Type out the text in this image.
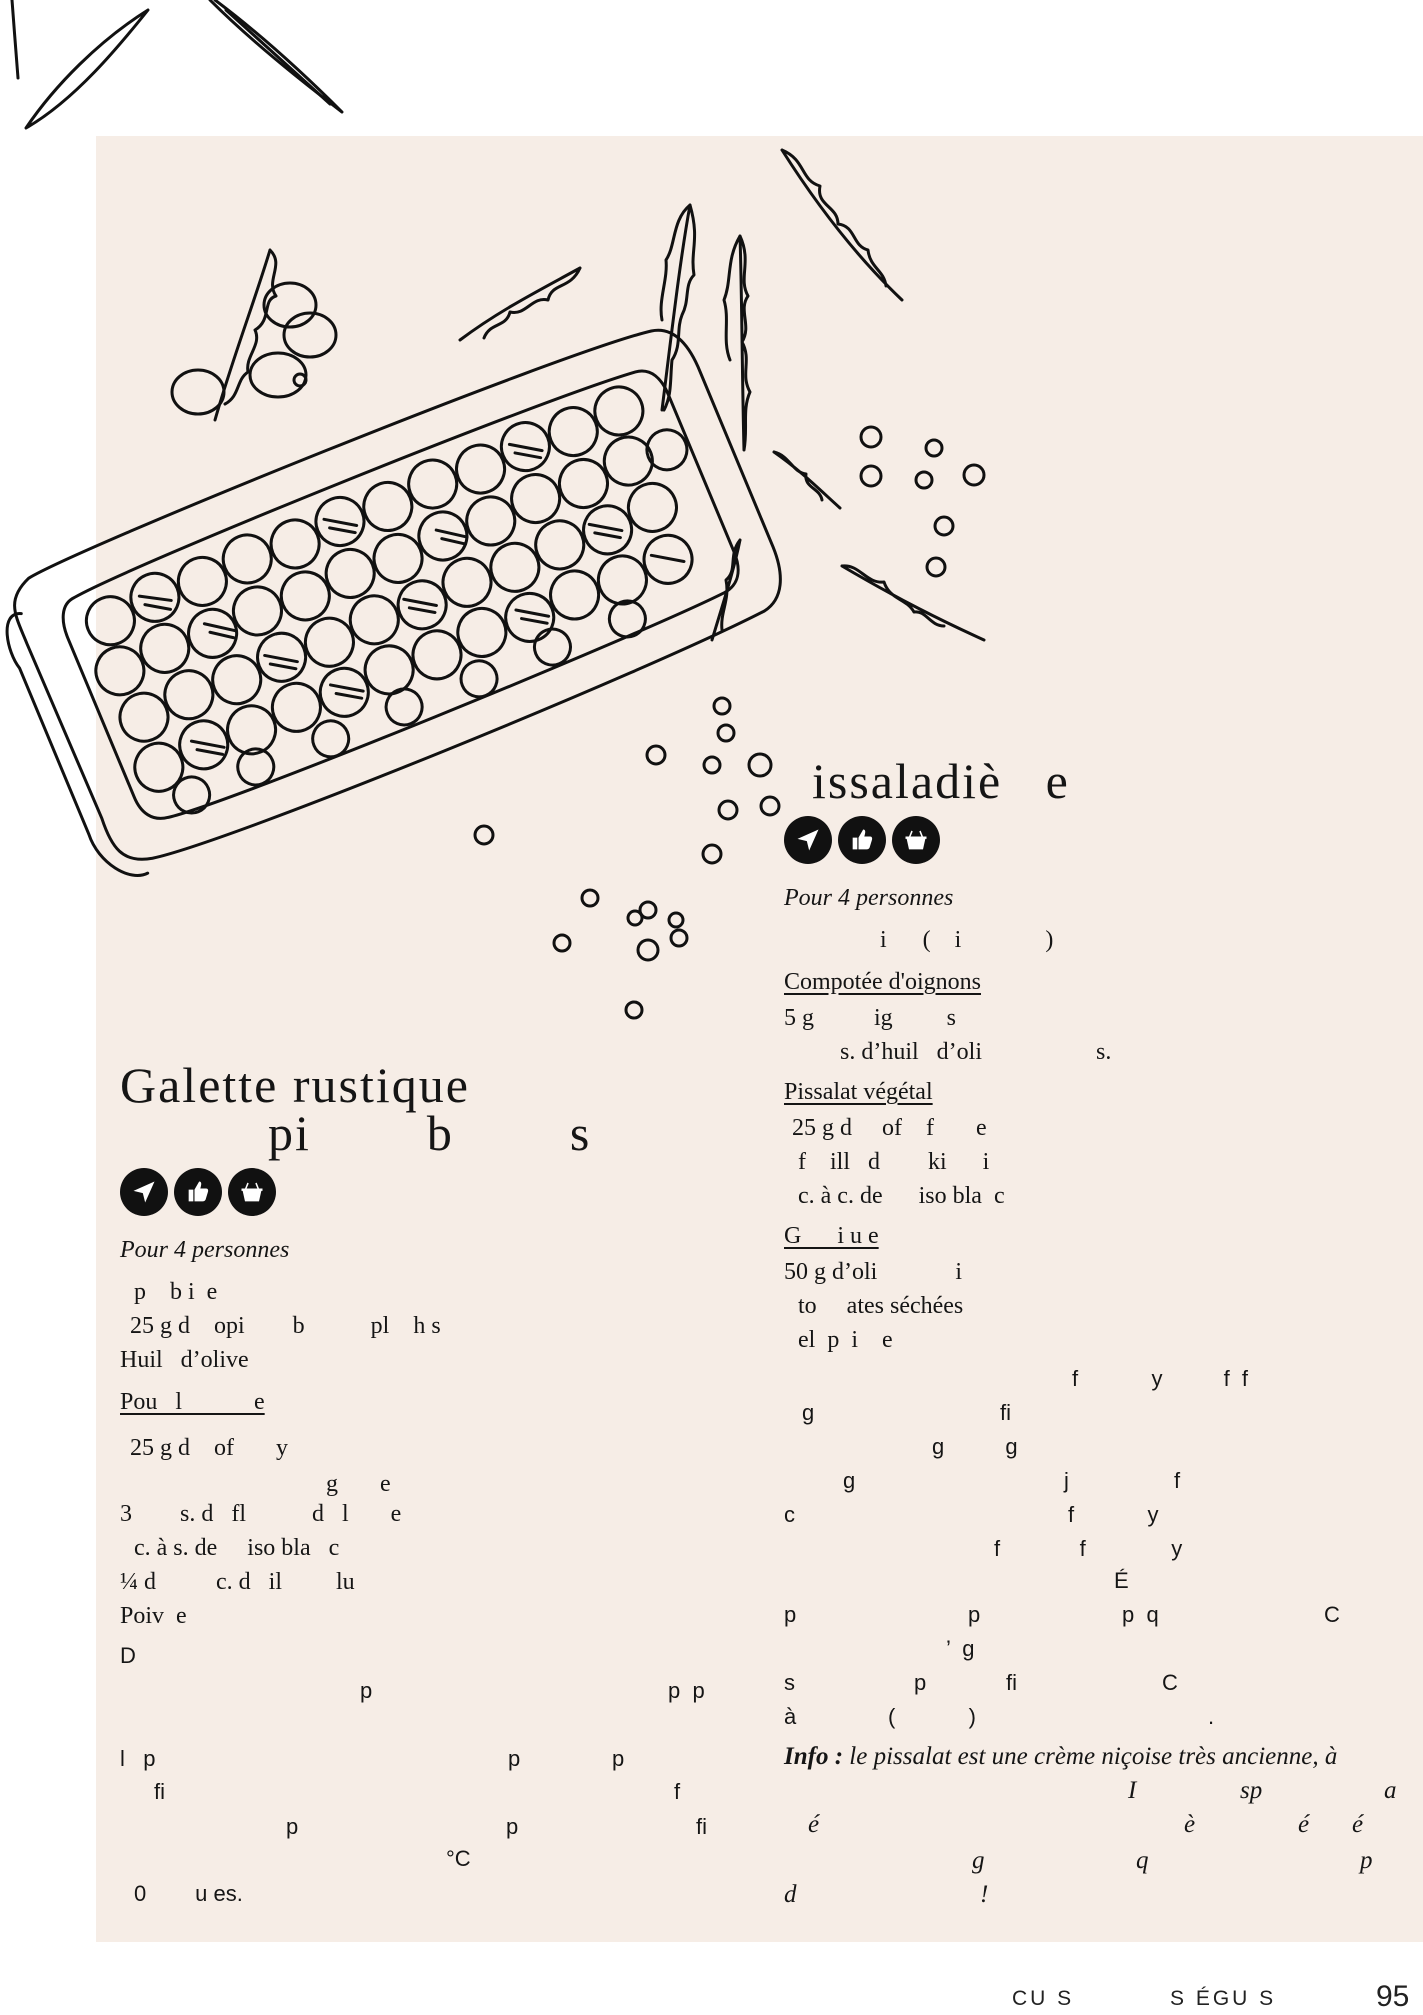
Galette rustique
pi        b        s
Pour 4 personnes
p    b i  e
25 g d    opi        b           pl    h s
Huil   d’olive
Pou   l            e
25 g d    of       y
g       e
3        s. d   fl           d   l       e
c. à s. de     iso bla   c
¼ d          c. d   il         lu
Poiv  e
D
p	p  p
l   p	p	p
fi	f
p	p	fi
°C
0        u es.
issaladiè   e
Pour 4 personnes
i      (    i              )
Compotée d'oignons
5 g          ig         s
s. d’huil   d’oli                   s.
Pissalat végétal
25 g d     of    f       e
f    ill   d        ki      i
c. à c. de      iso bla  c
G      i u e
50 g d’oli             i
to     ates séchées
el  p  i    e
f            y          f  f
g	fi
g          g
g	j	f
c	f            y
f             f              y
É
p	p	p  q	C
’  g
s	p	fi	C
à	(            )	.
Info : le pissalat est une crème niçoise très ancienne, à
I	sp	a
é	è	é é
g	q	p
d	!
CU S	S ÉGU S	95
